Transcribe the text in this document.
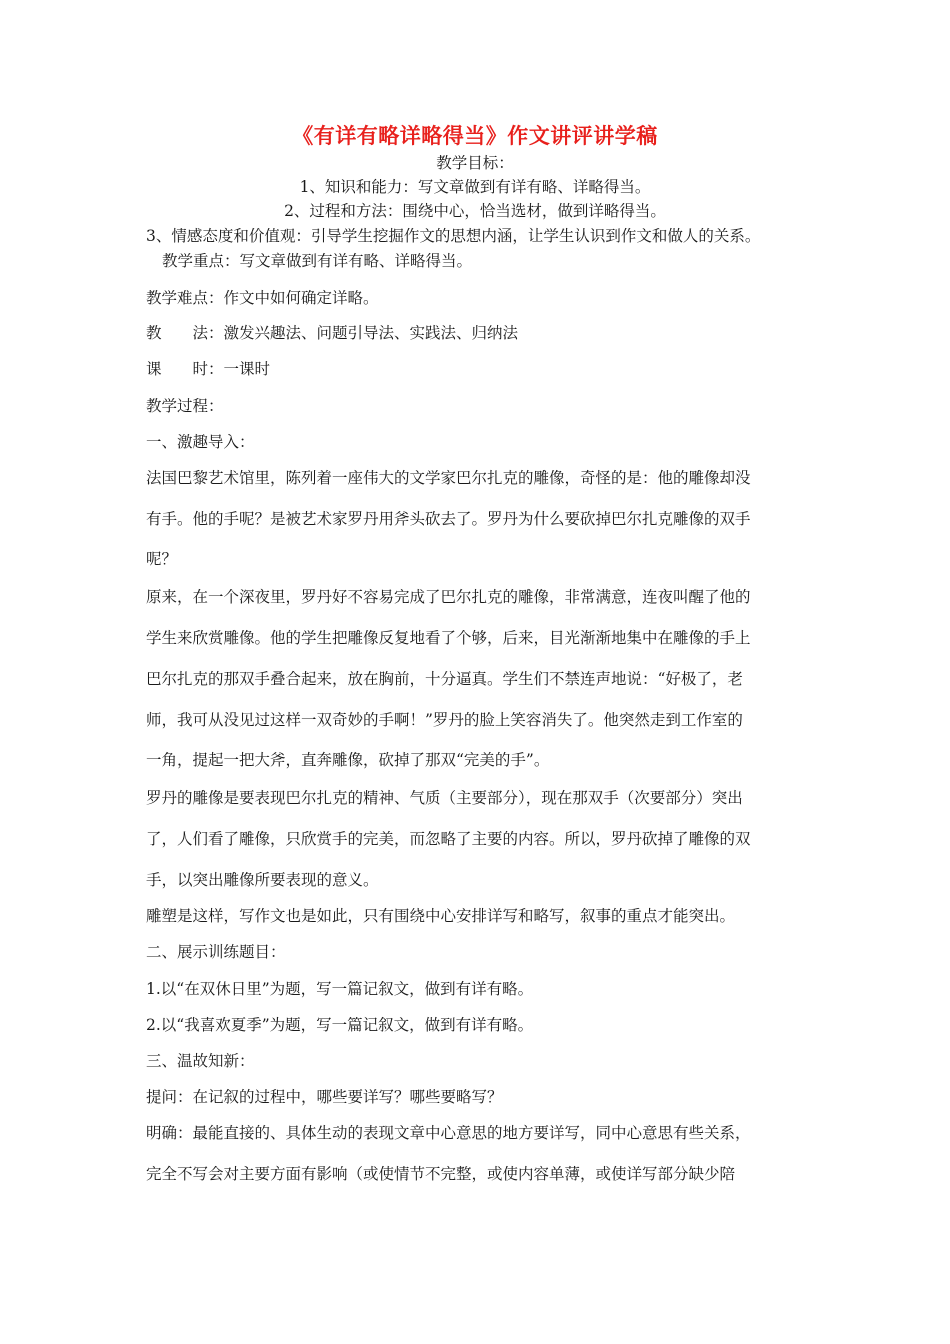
《有详有略详略得当》作文讲评讲学稿
教学目标：
1、知识和能力：写文章做到有详有略、详略得当。
2、过程和方法：围绕中心，恰当选材，做到详略得当。
3、情感态度和价值观：引导学生挖掘作文的思想内涵，让学生认识到作文和做人的关系。
教学重点：写文章做到有详有略、详略得当。
教学难点：作文中如何确定详略。
教　　法：激发兴趣法、问题引导法、实践法、归纳法
课　　时：一课时
教学过程：
一、激趣导入：
法国巴黎艺术馆里，陈列着一座伟大的文学家巴尔扎克的雕像，奇怪的是：他的雕像却没
有手。他的手呢？是被艺术家罗丹用斧头砍去了。罗丹为什么要砍掉巴尔扎克雕像的双手
呢？
原来，在一个深夜里，罗丹好不容易完成了巴尔扎克的雕像，非常满意，连夜叫醒了他的
学生来欣赏雕像。他的学生把雕像反复地看了个够，后来，目光渐渐地集中在雕像的手上
巴尔扎克的那双手叠合起来，放在胸前，十分逼真。学生们不禁连声地说：“好极了，老
师，我可从没见过这样一双奇妙的手啊！”罗丹的脸上笑容消失了。他突然走到工作室的
一角，提起一把大斧，直奔雕像，砍掉了那双“完美的手”。
罗丹的雕像是要表现巴尔扎克的精神、气质（主要部分），现在那双手（次要部分）突出
了，人们看了雕像，只欣赏手的完美，而忽略了主要的内容。所以，罗丹砍掉了雕像的双
手，以突出雕像所要表现的意义。
雕塑是这样，写作文也是如此，只有围绕中心安排详写和略写，叙事的重点才能突出。
二、展示训练题目：
1.以“在双休日里”为题，写一篇记叙文，做到有详有略。
2.以“我喜欢夏季”为题，写一篇记叙文，做到有详有略。
三、温故知新：
提问：在记叙的过程中，哪些要详写？哪些要略写？
明确：最能直接的、具体生动的表现文章中心意思的地方要详写，同中心意思有些关系，
完全不写会对主要方面有影响（或使情节不完整，或使内容单薄，或使详写部分缺少陪
